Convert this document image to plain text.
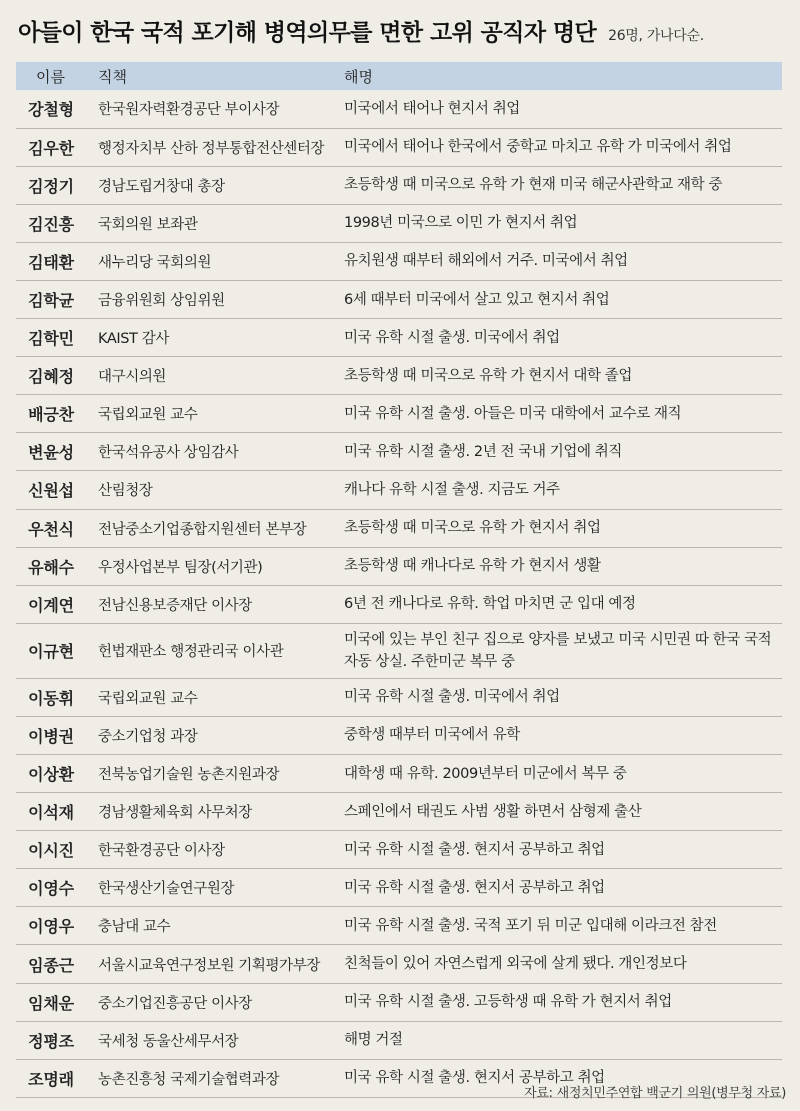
아들이 한국 국적 포기해 병역의무를 면한 고위 공직자 명단 26명, 가나다순.
이름	직책	해명
강철형	한국원자력환경공단 부이사장	미국에서 태어나 현지서 취업
김우한	행정자치부 산하 정부통합전산센터장	미국에서 태어나 한국에서 중학교 마치고 유학 가 미국에서 취업
김정기	경남도립거창대 총장	초등학생 때 미국으로 유학 가 현재 미국 해군사관학교 재학 중
김진흥	국회의원 보좌관	1998년 미국으로 이민 가 현지서 취업
김태환	새누리당 국회의원	유치원생 때부터 해외에서 거주. 미국에서 취업
김학균	금융위원회 상임위원	6세 때부터 미국에서 살고 있고 현지서 취업
김학민	KAIST 감사	미국 유학 시절 출생. 미국에서 취업
김혜정	대구시의원	초등학생 때 미국으로 유학 가 현지서 대학 졸업
배긍찬	국립외교원 교수	미국 유학 시절 출생. 아들은 미국 대학에서 교수로 재직
변윤성	한국석유공사 상임감사	미국 유학 시절 출생. 2년 전 국내 기업에 취직
신원섭	산림청장	캐나다 유학 시절 출생. 지금도 거주
우천식	전남중소기업종합지원센터 본부장	초등학생 때 미국으로 유학 가 현지서 취업
유해수	우정사업본부 팀장(서기관)	초등학생 때 캐나다로 유학 가 현지서 생활
이계연	전남신용보증재단 이사장	6년 전 캐나다로 유학. 학업 마치면 군 입대 예정
이규현	헌법재판소 행정관리국 이사관	미국에 있는 부인 친구 집으로 양자를 보냈고 미국 시민권 따 한국 국적 자동 상실. 주한미군 복무 중
이동휘	국립외교원 교수	미국 유학 시절 출생. 미국에서 취업
이병권	중소기업청 과장	중학생 때부터 미국에서 유학
이상환	전북농업기술원 농촌지원과장	대학생 때 유학. 2009년부터 미군에서 복무 중
이석재	경남생활체육회 사무처장	스페인에서 태권도 사범 생활 하면서 삼형제 출산
이시진	한국환경공단 이사장	미국 유학 시절 출생. 현지서 공부하고 취업
이영수	한국생산기술연구원장	미국 유학 시절 출생. 현지서 공부하고 취업
이영우	충남대 교수	미국 유학 시절 출생. 국적 포기 뒤 미군 입대해 이라크전 참전
임종근	서울시교육연구정보원 기획평가부장	친척들이 있어 자연스럽게 외국에 살게 됐다. 개인정보다
임채운	중소기업진흥공단 이사장	미국 유학 시절 출생. 고등학생 때 유학 가 현지서 취업
정평조	국세청 동울산세무서장	해명 거절
조명래	농촌진흥청 국제기술협력과장	미국 유학 시절 출생. 현지서 공부하고 취업
자료: 새정치민주연합 백군기 의원(병무청 자료)
